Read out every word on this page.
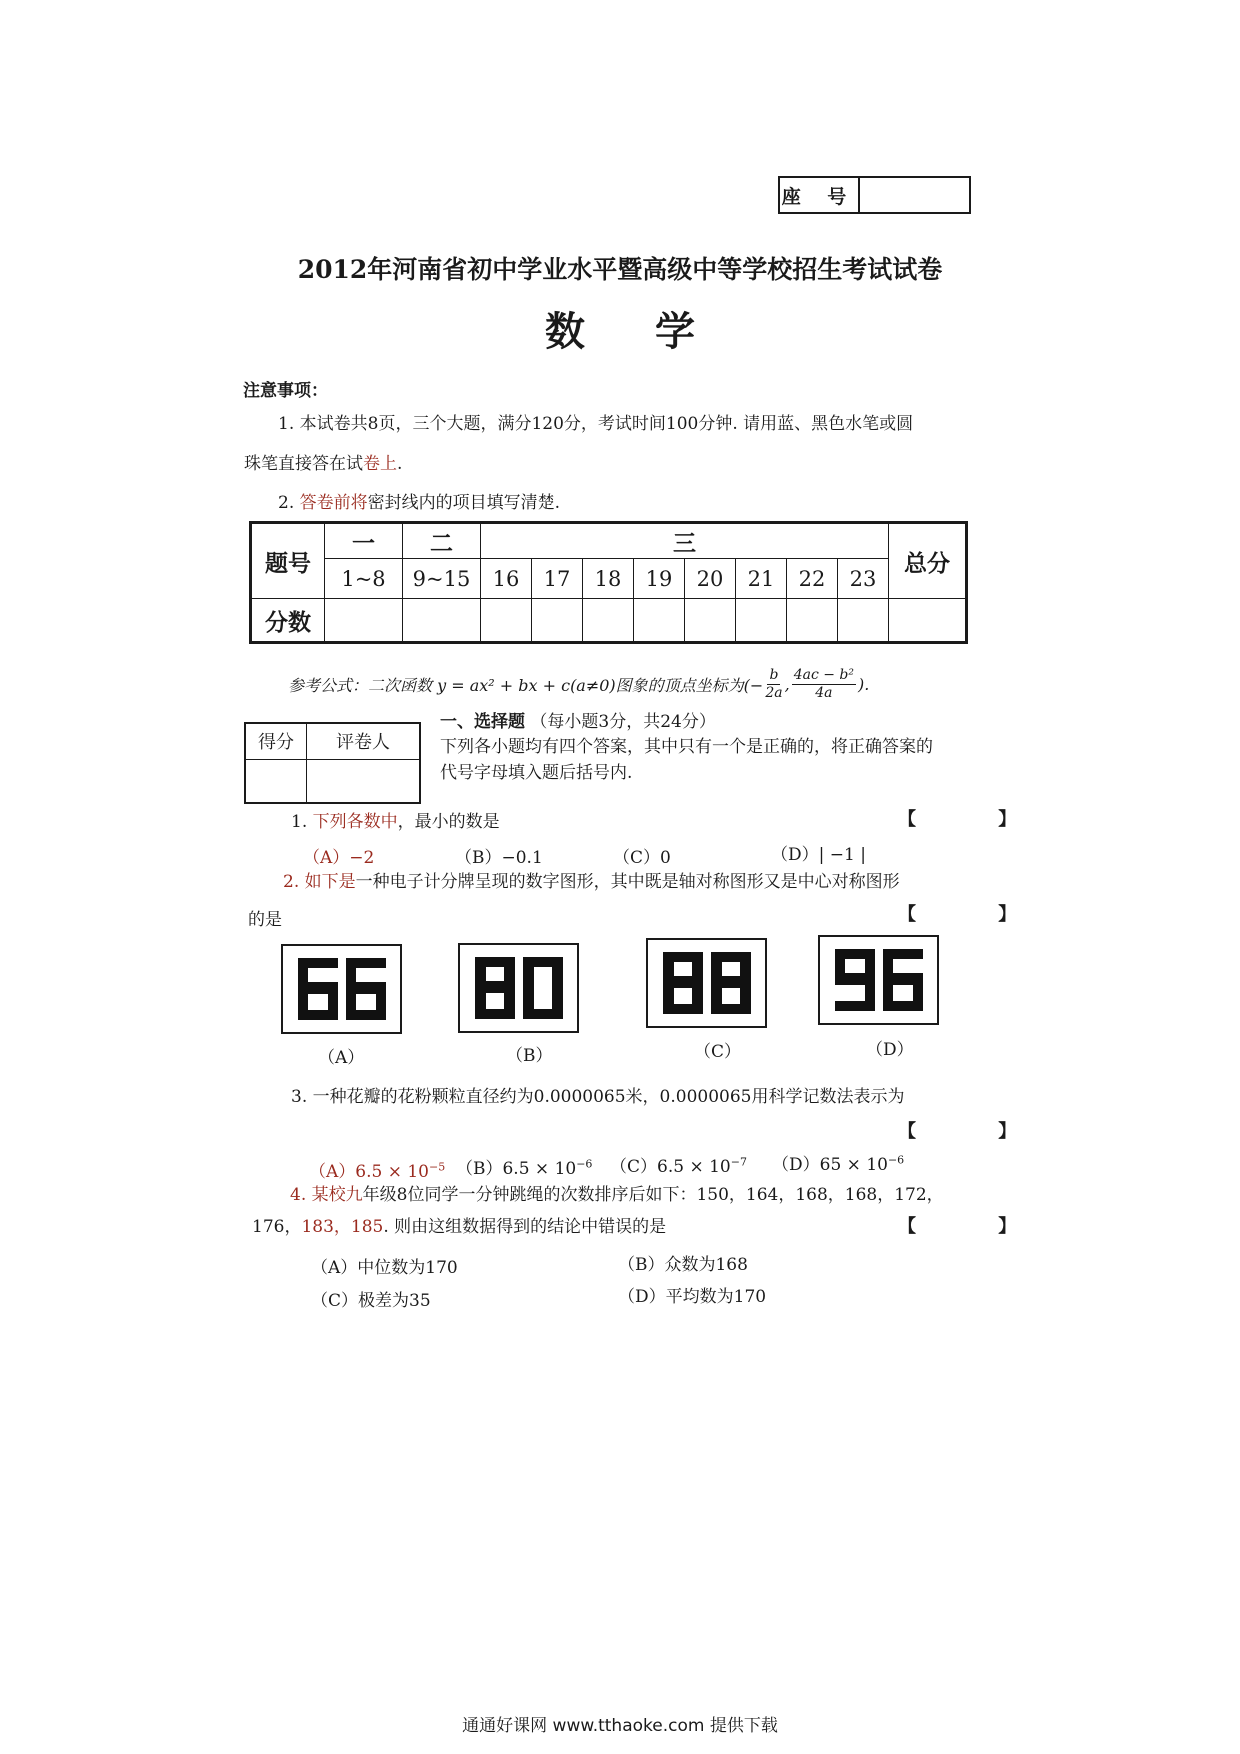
座 号
2012年河南省初中学业水平暨高级中等学校招生考试试卷
数学
注意事项：
1. 本试卷共8页，三个大题，满分120分，考试时间100分钟. 请用蓝、黑色水笔或圆
珠笔直接答在试卷上.
2. 答卷前将密封线内的项目填写清楚.
题号	一	二	三								总分
	1~8	9~15	16	17	18	19	20	21	22	23	
分数											
参考公式：二次函数 y = ax² + bx + c(a≠0)图象的顶点坐标为(− $\frac{b}{2a}$ , $\frac{\text{4ac − b²}}{4a}$ ).
得分	评卷人

一、选择题 （每小题3分，共24分）
下列各小题均有四个答案，其中只有一个是正确的，将正确答案的
代号字母填入题后括号内.
1. 下列各数中，最小的数是	【 】
（A）−2	（B）−0.1	（C）0	（D）| −1 |
2. 如下是一种电子计分牌呈现的数字图形，其中既是轴对称图形又是中心对称图形
的是	【 】
（A）	（B）	（C）	（D）
3. 一种花瓣的花粉颗粒直径约为0.0000065米，0.0000065用科学记数法表示为
【 】
$(A)6.5 \times 10^{-5}$ $(B)6.5 \times 10^{-6}$ $(C)6.5 \times 10^{-7}$ $(D)65 \times 10^{-6}$
4. 某校九年级8位同学一分钟跳绳的次数排序后如下：150，164，168，168，172，
176，183，185. 则由这组数据得到的结论中错误的是	【 】
（A）中位数为170	（B）众数为168
（C）极差为35	（D）平均数为170
通通好课网 www.tthaoke.com 提供下载
